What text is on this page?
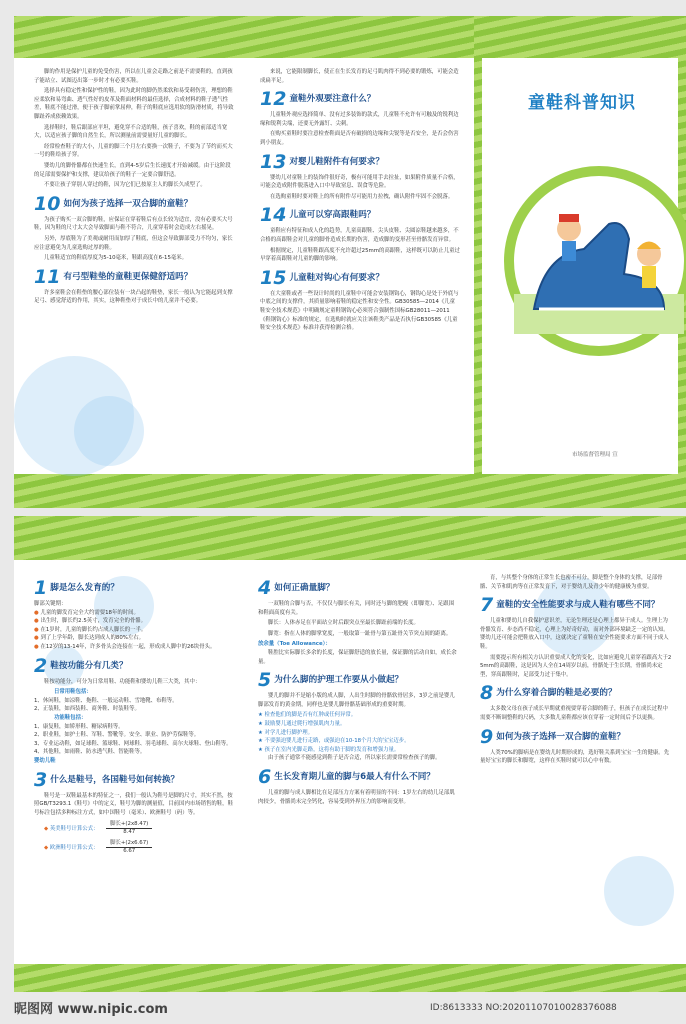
脚的作用是保护儿童的免受伤害，所以在儿童会走路之前是不需要鞋的，直到孩子能站立、试图迈出第一步时才有必要买鞋。

选择具有稳定性和保护性的鞋，因为此时的脚仍然柔软和易受刺伤害，理想的鞋应柔软和易弯曲、透气性好的皮革及鞋面材料的最佳选择，合成材料的鞋子透气性差，鞋底不能过滑，便于孩子脚前掌屈伸，鞋子的鞋底应选用软的防滑材质，将导致脚趾养成依赖效果。

选择鞋时，鞋后跟部应平坦，避免穿不合适的鞋，孩子喜欢，鞋的前部适当宽大，以适应孩子脚的自然生长，所以测量前需要量好儿童的脚长。

经常检查鞋子的大小，儿童的脚三个月左右要换一次鞋子，不要为了节约而买大一号的鞋给孩子穿。

婴幼儿的脚骨骼都在快速生长，直到4-5岁后生长速度才开始减缓。由于这阶段的足部需要保护和支撑，建议给孩子的鞋子一定要合脚舒适。

不要让孩子穿别人穿过的鞋，因为它们已按原主人的脚长久成型了。

10 如何为孩子选择一双合脚的童鞋？

为孩子购买一双合脚的鞋，应保证在穿着鞋后有点长较为适宜，没有必要买大号鞋，因为鞋的尺寸太大会导致脚面与鞋不符合，儿童穿着时会造成左右摇晃。

另外，厚底鞋为了美观或耐用而加厚了鞋底，但这会导致脚部受力不均匀，家长应注意避免为儿童选购过厚的鞋。

儿童鞋适宜的鞋底厚度为5-10毫米，鞋跟高度在6-15毫米。

11 有弓型鞋垫的童鞋更保健舒适吗？

许多童鞋会在鞋垫的腰心部位装有一块凸起的鞋垫，家长一般认为它能起到支撑足弓、感觉舒适的作用，其实，这种鞋垫对于成长中的儿童并不必要。

来说，它能限制脚长，使正在生长发育的足弓肌肉得不到必要的锻炼，可能会造成扁平足。

12 童鞋外观要注意什么？

儿童鞋外观应选择简单、没有过多装饰的款式，儿童鞋不允许有可触及的锐利边缘和锐利尖端，还要无外露钉、尖刺。

在购买童鞋时要注意检查鞋面是否有破损的边缘和尖锐等是否安全，是否会伤害到小朋友。

13 对婴儿鞋附件有何要求？

婴幼儿对童鞋上的装饰件很好奇，极有可能用手去拉扯，如果附件质量不合格，可能会造成附件脱落进入口中导致窒息、误食等危险。

在选购童鞋时要对鞋上的所有附件尽可能用力拉拽，确认附件牢固不会脱落。

14 儿童可以穿高跟鞋吗？

童鞋应有特征和成人化的趋势，儿童高跟鞋、尖头皮鞋、尖圆凉鞋越来越多，不合格的高跟鞋会对儿童的脚骨造成长期的伤害，造成脚的变形甚至骨骼发育异常。

根据规定，儿童鞋鞋跟高度不允许超过25mm的高跟鞋，这样既可以防止儿童过早穿着高跟鞋对儿童的脚的影响。

15 儿童鞋对钩心有何要求？

在大童鞋或者一些设计时尚的儿童鞋中可能会安装钢钩心，钢钩心是处于外底与中底之间的支撑件，其质量影响着鞋的稳定性和安全性。GB30585—2014《儿童鞋安全技术规范》中明确规定童鞋钢钩心必须符合强制性国标GB28011—2011《鞋钢钩心》标准的规定，在选购时就应关注该鞋类产品是否执行GB30585《儿童鞋安全技术规范》标准并获得检测合格。

童鞋科普知识
市场监督管理局 宣
1 脚是怎么发育的？
脚部关键期：
● 儿童的脚发育完全大约需要18年的时间。
● 出生时，脚长约2.5英寸，发育完全的骨骼。
● 在1岁时，儿童的脚长约占成人脚长的一半。
● 到了上学年龄，脚长达到成人的80%左右。
● 在12岁的13-14年，许多骨头会连接在一起，形成成人脚中的26块骨头。
2 鞋按功能分有几类？

鞋按功能分，可分为日常用鞋、功能鞋和婴幼儿鞋三大类，其中：

日常用鞋包括：
1、休闲鞋，如凉鞋、拖鞋、一般运动鞋、雪地靴、布鞋等。
2、正装鞋，如西装鞋、商务鞋、时装鞋等。
功能鞋包括：
1、康复鞋，如矫形鞋、糖尿病鞋等。
2、职业鞋，如护士鞋、军鞋、警靴等。安全、职业、防护劳保鞋等。
3、专业运动鞋，如足球鞋、篮球鞋、网球鞋、羽毛球鞋、高尔夫球鞋、登山鞋等。
4、其他鞋，如雨鞋、防水透气鞋、智能鞋等。
婴幼儿鞋
3 什么是鞋号，各国鞋号如何转换？

鞋号是一双鞋最基本的特征之一，我们一般认为鞋号是脚的尺寸，其实不然，按照GB/T3293.1《鞋号》中的定义，鞋号为脚的测量值，目前国内市场销售的鞋，鞋号标注包括多种标注方式，如中国鞋号（毫米）、欧洲鞋号（码）等。

◆ 英美鞋号计算公式： $\frac{\text{脚长+(2x8.47)}}{8.47}$
◆ 欧洲鞋号计算公式： $\frac{\text{脚长+(2x6.67)}}{6.67}$
4 如何正确量脚？

一双鞋的合脚与否，不仅仅与脚长有关，同时还与脚的肥瘦（即脚宽）、足跟围和鞋面高度有关。

脚长：人体赤足在平面站立时后跟突点至最长脚趾前端的长度。

脚宽：指在人体的脚掌宽度，一般取第一趾骨与第五趾骨关节突点间的距离。

放余量（Toe Allowance）：

鞋腔比实际脚长多余的长度，保证脚舒适的放长量，保证脚的活动自如，成长余量。

5 为什么脚的护理工作要从小做起？

婴儿的脚并不是缩小版的成人脚，人出生时脚的骨骼软骨居多，3岁之前是婴儿脚部发育的黄金期，同样也是婴儿脚骨骼基础形成的重要时期。

★ 检查他们的脚是否有红肿或任何异常。
★ 鼓励婴儿通过爬行增强肌肉力量。
★ 对学儿进行脚护理。
★ 不要强迫婴儿进行走路，或强迫在10-18个月大的宝宝迈步。
★ 孩子在室内光脚走路，这将有助于脚的发育和增强力量。

由于孩子通常不能感觉到鞋子是否合适，所以家长需要常检查孩子的脚。

6 生长发育期儿童的脚与6最人有什么不同？

儿童的脚与成人脚相比在足部压力方案有着明显的不同：1岁左右的幼儿足部肌肉较少，骨骼尚未完全钙化，容易受到外界压力的影响而变形。

育，与其整个身体的正常生长也密不可分。脚是整个身体的支撑，足部骨骼、关节和肌肉等在正常发育下，对于婴幼儿及青少年的健康极为重要。

7 童鞋的安全性能要求与成人鞋有哪些不同？

儿童和婴幼儿自我保护意识差，无论生理还是心理上都异于成人。生理上为骨骼发育、步态尚不稳定，心理上为好奇好动，而对外部环境缺乏一定的认知。婴幼儿还可能会把鞋放入口中，这就决定了童鞋在安全性能要求方面不同于成人鞋。

需要提示所有相关方认识重要成人化的变化，比如应避免儿童穿着跟高大于25mm的高跟鞋，这是因为人全在14周岁以前，骨骼处于生长期，骨骼尚未定型，穿高跟鞋时，足部受力过于集中。

8 为什么穿着合脚的鞋是必要的？

太多数父母在孩子成长早期就重视要穿着合脚的鞋子，但孩子在成长过程中需要不断调整鞋的尺码，大多数儿童鞋都应该在穿着一定时间后予以更换。

9 如何为孩子选择一双合脚的童鞋？

人类70%的脚病是在婴幼儿时期形成的，选好鞋关系到宝宝一生的健康。先量好宝宝的脚长和脚宽，这样在买鞋时就可以心中有数。

昵图网 www.nipic.com	ID:8613333 NO:20201107010028376088
